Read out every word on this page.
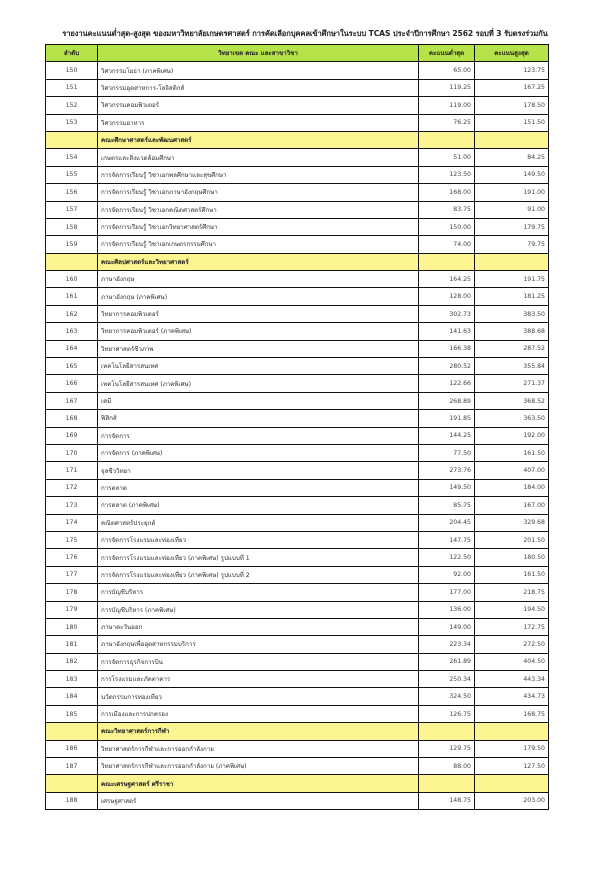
รายงานคะแนนต่ำสุด-สูงสุด ของมหาวิทยาลัยเกษตรศาสตร์ การคัดเลือกบุคคลเข้าศึกษาในระบบ TCAS ประจำปีการศึกษา 2562 รอบที่ 3 รับตรงร่วมกัน
ลำดับ	วิทยาเขต คณะ และสาขาวิชา	คะแนนต่ำสุด	คะแนนสูงสุด
150	วิศวกรรมโยธา (ภาคพิเศษ)	65.00	123.75
151	วิศวกรรมอุตสาหการ-โลจิสติกส์	119.25	167.25
152	วิศวกรรมคอมพิวเตอร์	119.00	178.50
153	วิศวกรรมอาหาร	76.25	151.50
	คณะศึกษาศาสตร์และพัฒนศาสตร์		
154	เกษตรและสิ่งแวดล้อมศึกษา	51.00	84.25
155	การจัดการเรียนรู้ วิชาเอกพลศึกษาและสุขศึกษา	123.50	149.50
156	การจัดการเรียนรู้ วิชาเอกภาษาอังกฤษศึกษา	168.00	191.00
157	การจัดการเรียนรู้ วิชาเอกคณิตศาสตร์ศึกษา	83.75	91.00
158	การจัดการเรียนรู้ วิชาเอกวิทยาศาสตร์ศึกษา	150.00	179.75
159	การจัดการเรียนรู้ วิชาเอกเกษตรกรรมศึกษา	74.00	79.75
	คณะศิลปศาสตร์และวิทยาศาสตร์		
160	ภาษาอังกฤษ	164.25	191.75
161	ภาษาอังกฤษ (ภาคพิเศษ)	128.00	181.25
162	วิทยาการคอมพิวเตอร์	302.73	383.50
163	วิทยาการคอมพิวเตอร์ (ภาคพิเศษ)	141.63	388.68
164	วิทยาศาสตร์ชีวภาพ	166.38	287.52
165	เทคโนโลยีสารสนเทศ	280.52	355.84
166	เทคโนโลยีสารสนเทศ (ภาคพิเศษ)	122.66	271.37
167	เคมี	268.89	368.52
168	ฟิสิกส์	191.85	363.50
169	การจัดการ	144.25	192.00
170	การจัดการ (ภาคพิเศษ)	77.50	161.50
171	จุลชีววิทยา	273.76	407.00
172	การตลาด	149.50	184.00
173	การตลาด (ภาคพิเศษ)	85.75	167.00
174	คณิตศาสตร์ประยุกต์	204.45	329.68
175	การจัดการโรงแรมและท่องเที่ยว	147.75	201.50
176	การจัดการโรงแรมและท่องเที่ยว (ภาคพิเศษ) รูปแบบที่ 1	122.50	180.50
177	การจัดการโรงแรมและท่องเที่ยว (ภาคพิเศษ) รูปแบบที่ 2	92.00	161.50
178	การบัญชีบริหาร	177.00	218.75
179	การบัญชีบริหาร (ภาคพิเศษ)	136.00	194.50
180	ภาษาตะวันออก	149.00	172.75
181	ภาษาอังกฤษเพื่ออุตสาหกรรมบริการ	223.34	272.50
182	การจัดการธุรกิจการบิน	261.89	404.50
183	การโรงแรมและภัตตาคาร	250.34	443.34
184	นวัตกรรมการท่องเที่ยว	324.50	434.73
185	การเมืองและการปกครอง	126.75	168.75
	คณะวิทยาศาสตร์การกีฬา		
186	วิทยาศาสตร์การกีฬาและการออกกำลังกาย	129.75	179.50
187	วิทยาศาสตร์การกีฬาและการออกกำลังกาย (ภาคพิเศษ)	88.00	127.50
	คณะเศรษฐศาสตร์ ศรีราชา		
188	เศรษฐศาสตร์	148.75	203.00
